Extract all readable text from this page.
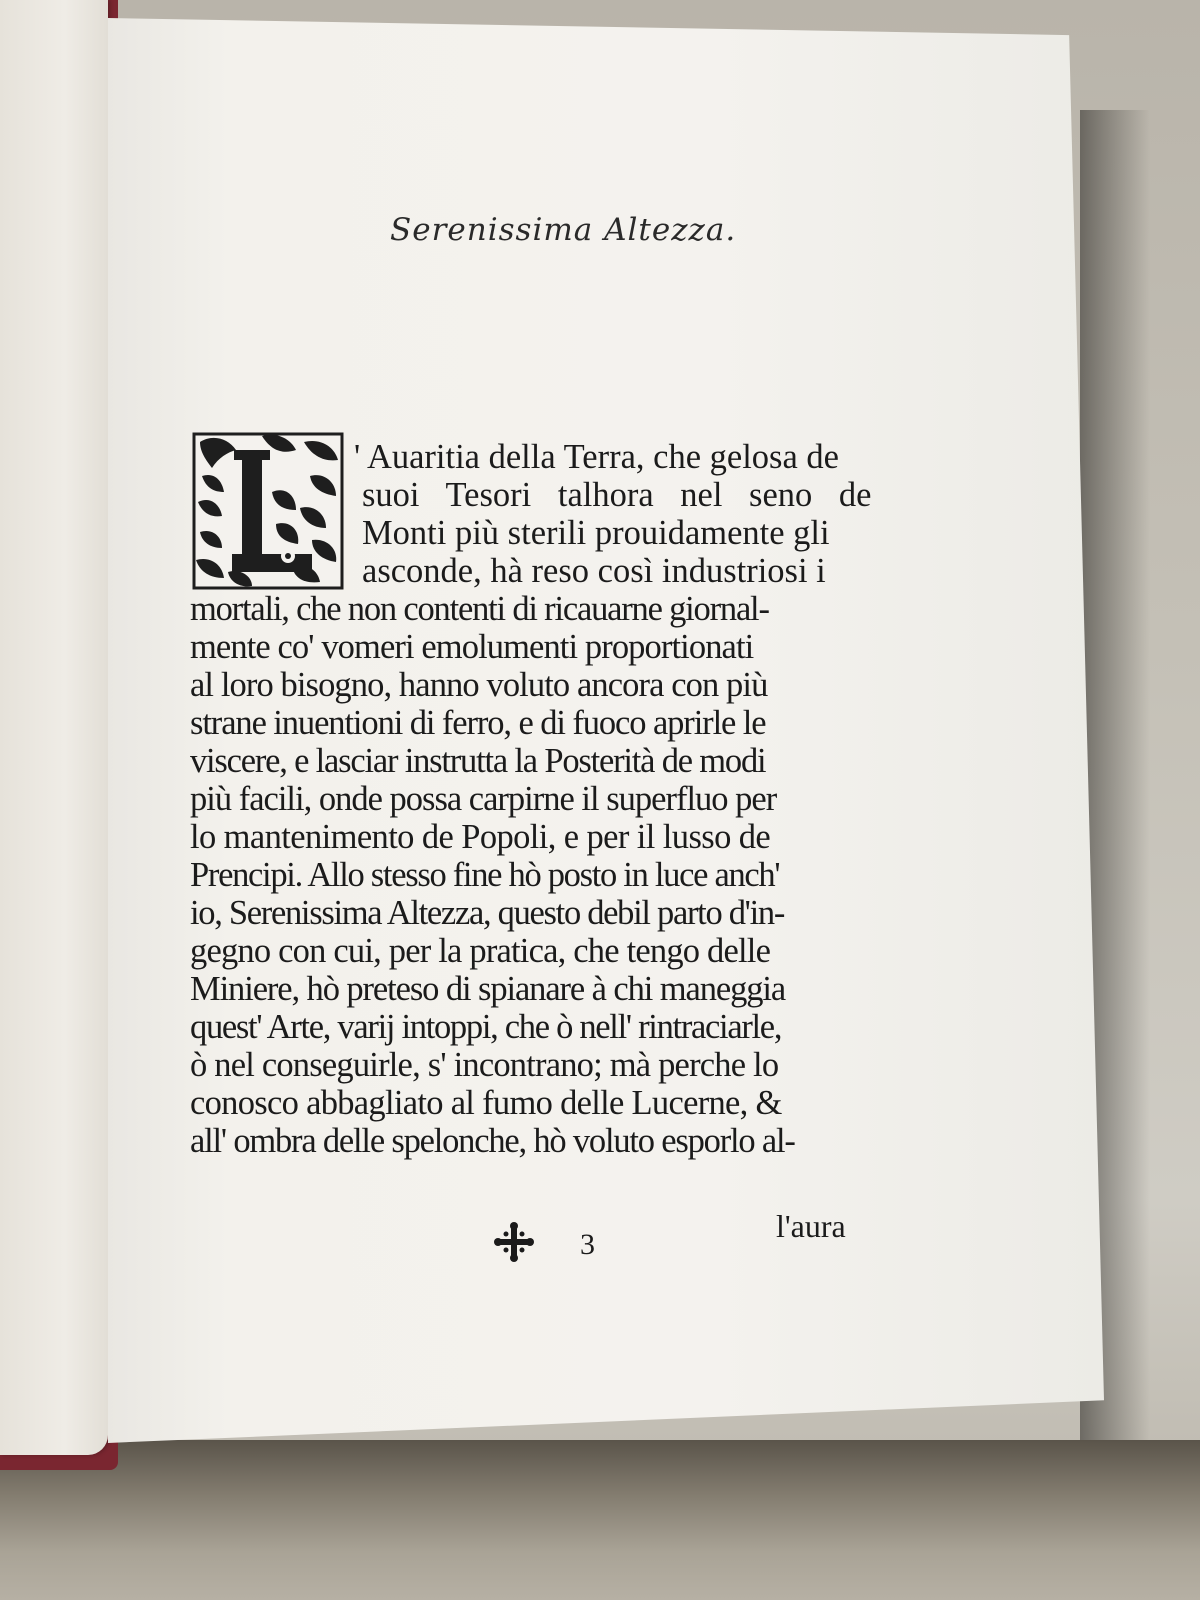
Serenissima Altezza.
' Auaritia della Terra, che gelosa de
suoi Tesori talhora nel seno de
Monti più sterili prouidamente gli
asconde, hà reso così industriosi i
mortali, che non contenti di ricauarne giornal-
mente co' vomeri emolumenti proportionati
al loro bisogno, hanno voluto ancora con più
strane inuentioni di ferro, e di fuoco aprirle le
viscere, e lasciar instrutta la Posterità de modi
più facili, onde possa carpirne il superfluo per
lo mantenimento de Popoli, e per il lusso de
Prencipi. Allo stesso fine hò posto in luce anch'
io, Serenissima Altezza, questo debil parto d'in-
gegno con cui, per la pratica, che tengo delle
Miniere, hò preteso di spianare à chi maneggia
quest' Arte, varij intoppi, che ò nell' rintraciarle,
ò nel conseguirle, s' incontrano; mà perche lo
conosco abbagliato al fumo delle Lucerne, &
all' ombra delle spelonche, hò voluto esporlo al-
3
l'aura
